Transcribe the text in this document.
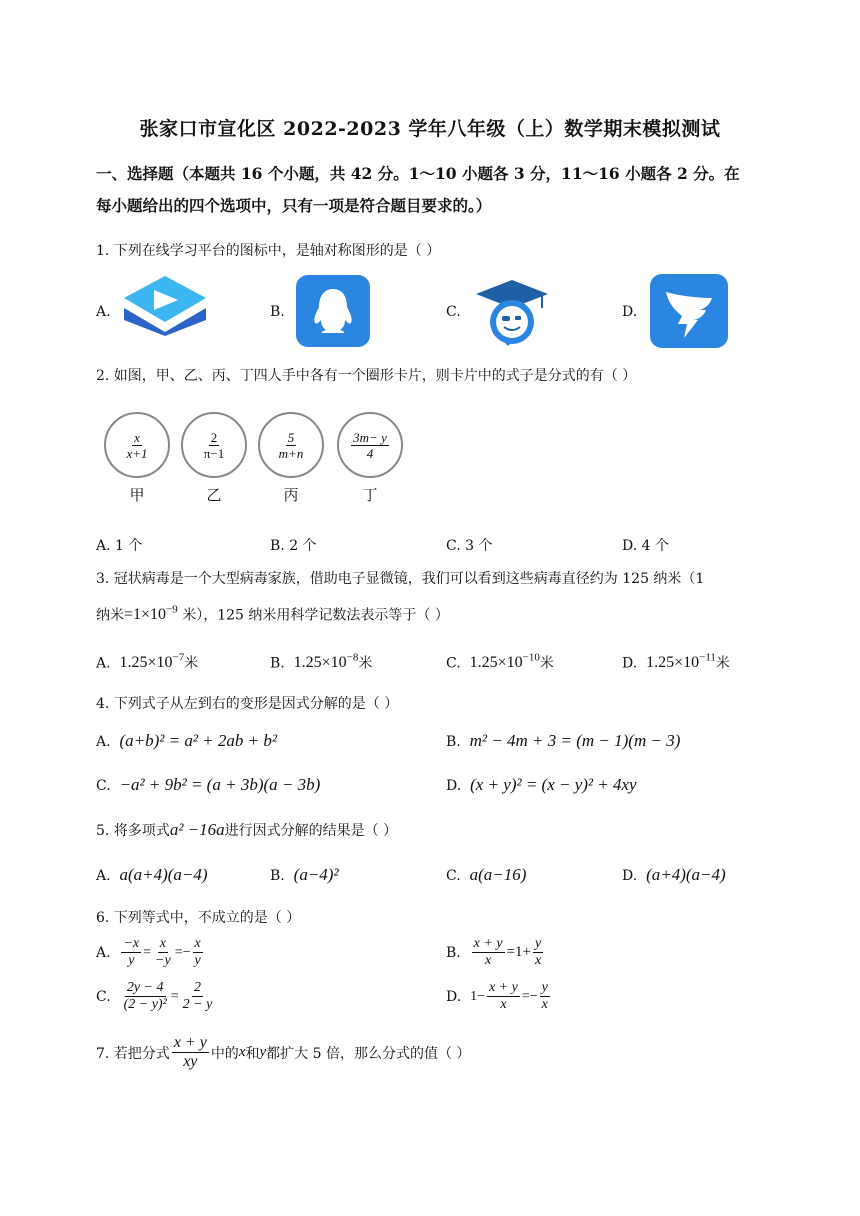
张家口市宣化区 2022-2023 学年八年级（上）数学期末模拟测试
一、选择题（本题共 16 个小题，共 42 分。1～10 小题各 3 分，11～16 小题各 2 分。在
每小题给出的四个选项中，只有一项是符合题目要求的。）
1. 下列在线学习平台的图标中，是轴对称图形的是（ ）
A.	B.	C.	D.
2. 如图，甲、乙、丙、丁四人手中各有一个圈形卡片，则卡片中的式子是分式的有（ ）
$\frac{x}{x+1}$	$\frac{2}{\pi-1}$	$\frac{5}{m+n}$	$\frac{3m- y}{4}$
甲	乙	丙	丁
A. 1 个	B. 2 个	C. 3 个	D. 4 个
3. 冠状病毒是一个大型病毒家族，借助电子显微镜，我们可以看到这些病毒直径约为 125 纳米（1
纳米$=1\times 10^{-9}$ 米），125 纳米用科学记数法表示等于（ ）
A. $1.25\times 10^{-7}$米	B. $1.25\times 10^{-8}$米	C. $1.25\times 10^{-10}$米	D. $1.25\times 10^{-11}$米
4. 下列式子从左到右的变形是因式分解的是（ ）
A. (a+b)² = a² + 2ab + b²	B. m² − 4m + 3 = (m − 1)(m − 3)
C. −a² + 9b² = (a + 3b)(a − 3b)	D. (x + y)² = (x − y)² + 4xy
5. 将多项式a² −16a进行因式分解的结果是（ ）
A. a(a+4)(a−4)	B. (a−4)²	C. a(a−16)	D. (a+4)(a−4)
6. 下列等式中，不成立的是（ ）
A.
$\frac{-x}{y} = \frac{x}{-y} =- \frac{x}{y}$	B.
$\frac{x + y}{x} =1+ \frac{y}{x}$
C.
$\frac{2y - 4}{\text{(2 − y)²}} = \frac{2}{2 - y}$	D.
$1- \frac{x + y}{x} =- \frac{y}{x}$
7. 若把分式 $\frac{x + y}{xy}$ 中的 x 和 y 都扩大 5 倍，那么分式的值（ ）
